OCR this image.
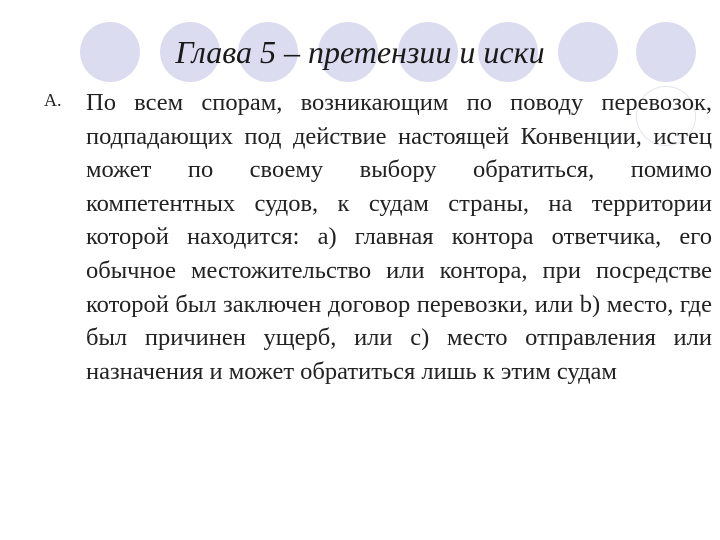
Глава 5 – претензии и иски
A. По всем спорам, возникающим по поводу перевозок, подпадающих под действие настоящей Конвенции, истец может по своему выбору обратиться, помимо компетентных судов, к судам страны, на территории которой находится: a) главная контора ответчика, его обычное местожительство или контора, при посредстве которой был заключен договор перевозки, или b) место, где был причинен ущерб, или c) место отправления или назначения и может обратиться лишь к этим судам
